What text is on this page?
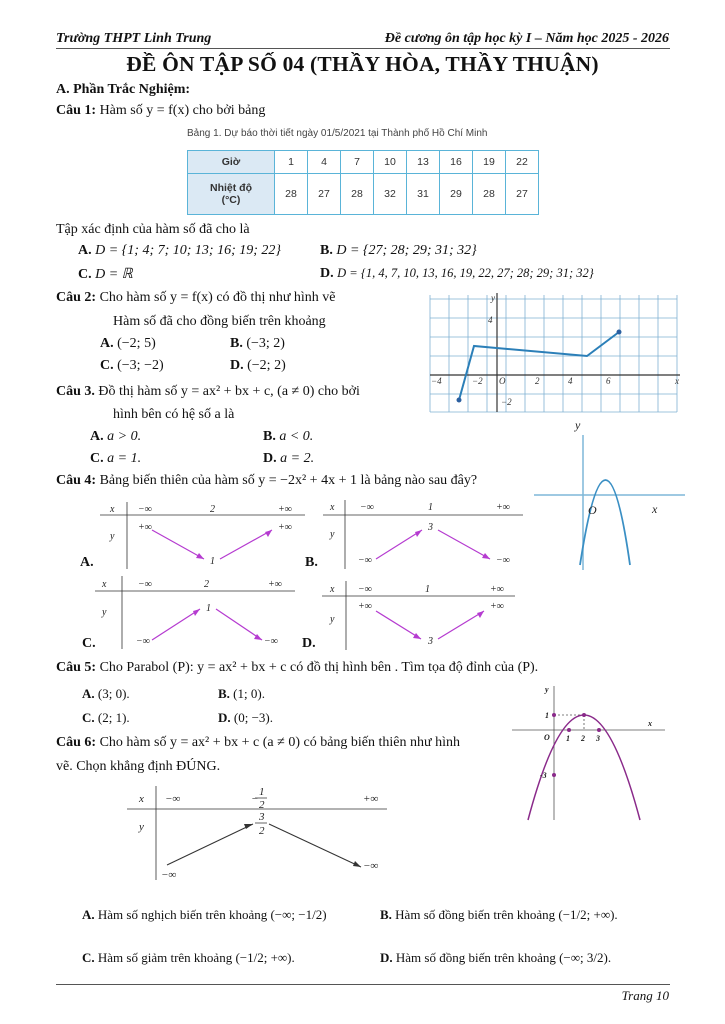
Trường THPT Linh Trung	Đề cương ôn tập học kỳ I – Năm học 2025 - 2026
ĐỀ ÔN TẬP SỐ 04 (THẦY HÒA, THẦY THUẬN)
A. Phần Trắc Nghiệm:
Câu 1: Hàm số y = f(x) cho bởi bảng
Bảng 1. Dự báo thời tiết ngày 01/5/2021 tại Thành phố Hồ Chí Minh
Giờ	1	4	7	10	13	16	19	22
Nhiệt độ
(°C)	28	27	28	32	31	29	28	27
Tập xác định của hàm số đã cho là
A. D = {1; 4; 7; 10; 13; 16; 19; 22}	B. D = {27; 28; 29; 31; 32}
C. D = ℝ	D. D = {1, 4, 7, 10, 13, 16, 19, 22, 27; 28; 29; 31; 32}
Câu 2: Cho hàm số y = f(x) có đồ thị như hình vẽ
Hàm số đã cho đồng biến trên khoảng
A. (−2; 5)	B. (−3; 2)
C. (−3; −2)	D. (−2; 2)
−4	−2 O	2	4	6	x
y
4
−2
Câu 3. Đồ thị hàm số y = ax² + bx + c, (a ≠ 0) cho bởi
hình bên có hệ số a là
A. a > 0.	B. a < 0.
C. a = 1.	D. a = 2.
y
O	x
Câu 4: Bảng biến thiên của hàm số y = −2x² + 4x + 1 là bảng nào sau đây?
x
y
−∞	2	+∞
+∞	+∞
1
A.
x
y
−∞	1	+∞
3
−∞	−∞
B.
x
y
−∞	2	+∞
1
−∞	−∞
C.
x
y
−∞	1	+∞
+∞	+∞
3
D.
Câu 5: Cho Parabol (P): y = ax² + bx + c có đồ thị hình bên . Tìm tọa độ đỉnh của (P).
A. (3; 0).	B. (1; 0).
C. (2; 1).	D. (0; −3).
y
1
O 1 2 3
x
-3
Câu 6: Cho hàm số y = ax² + bx + c (a ≠ 0) có bảng biến thiên như hình
vẽ. Chọn khẳng định ĐÚNG.
x
y
−∞	+∞
−
1
2
3
2
−∞
−∞
A. Hàm số nghịch biến trên khoảng (−∞; −1/2)	B. Hàm số đồng biến trên khoảng (−1/2; +∞).
C. Hàm số giảm trên khoảng (−1/2; +∞).	D. Hàm số đồng biến trên khoảng (−∞; 3/2).
Trang 10
